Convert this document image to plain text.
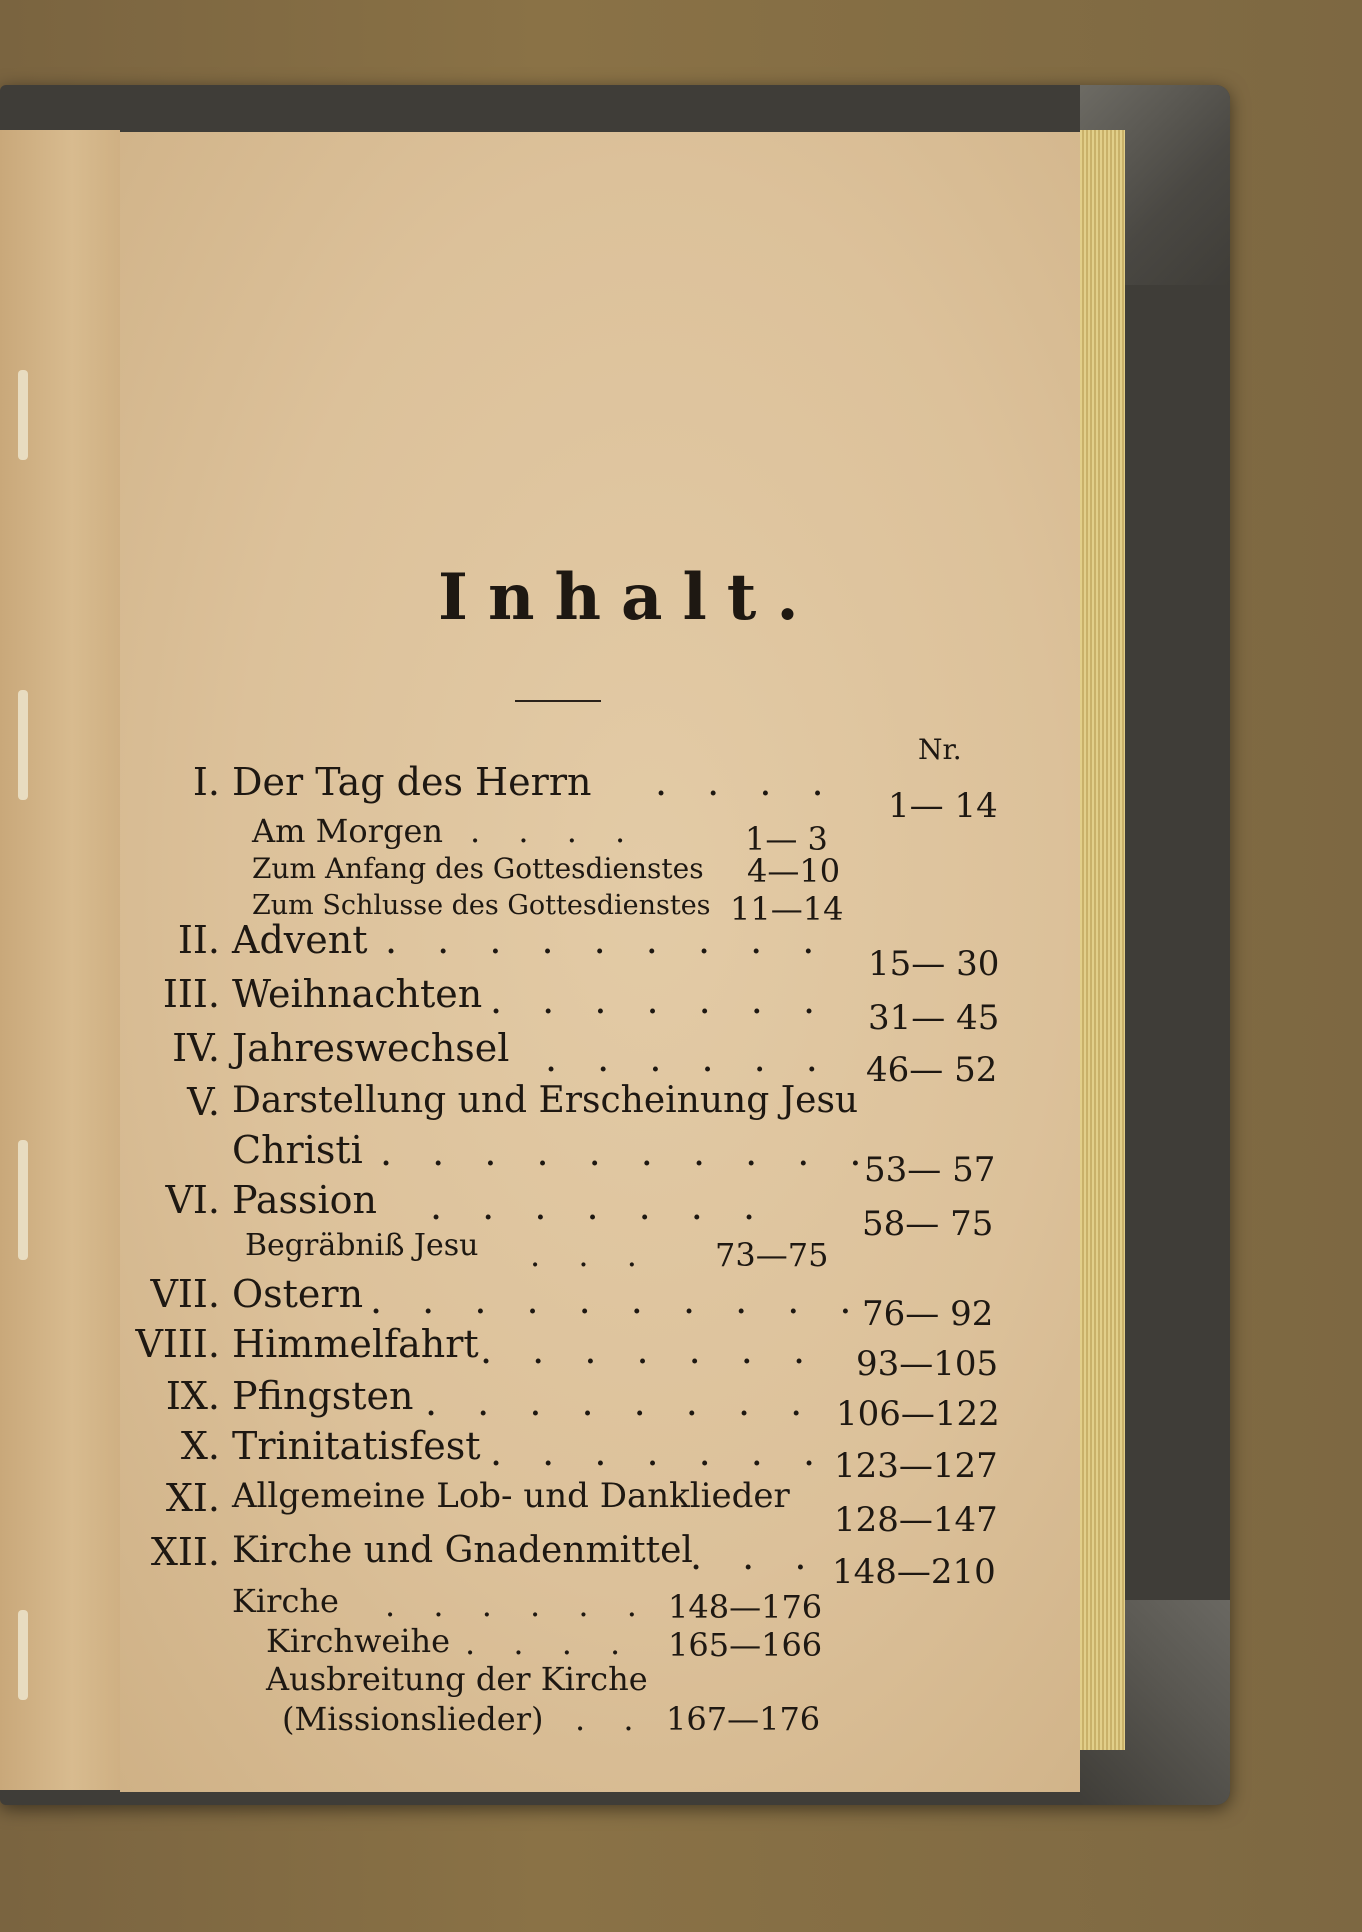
Inhalt.
Nr.
I. Der Tag des Herrn . . . .
1— 14
Am Morgen . . . .	1— 3
Zum Anfang des Gottesdienstes 4—10
Zum Schlusse des Gottesdienstes 11—14
II. Advent . . . . . . . . .
15— 30
III. Weihnachten . . . . . . . 31— 45
IV. Jahreswechsel . . . . . . 46— 52
V. Darstellung und Erscheinung Jesu
Christi . . . . . . . . . .
53— 57
VI. Passion . . . . . . .	58— 75
Begräbniß Jesu . . . 73—75
VII. Ostern . . . . . . . . . .
76— 92
VIII. Himmelfahrt . . . . . . . 93—105
IX. Pfingsten . . . . . . . . 106—122
X. Trinitatisfest . . . . . . . 123—127
XI. Allgemeine Lob- und Danklieder
128—147
XII. Kirche und Gnadenmittel
. . . 148—210
Kirche . . . . . . 148—176
Kirchweihe . . . . 165—166
Ausbreitung der Kirche
(Missionslieder) . . 167—176
